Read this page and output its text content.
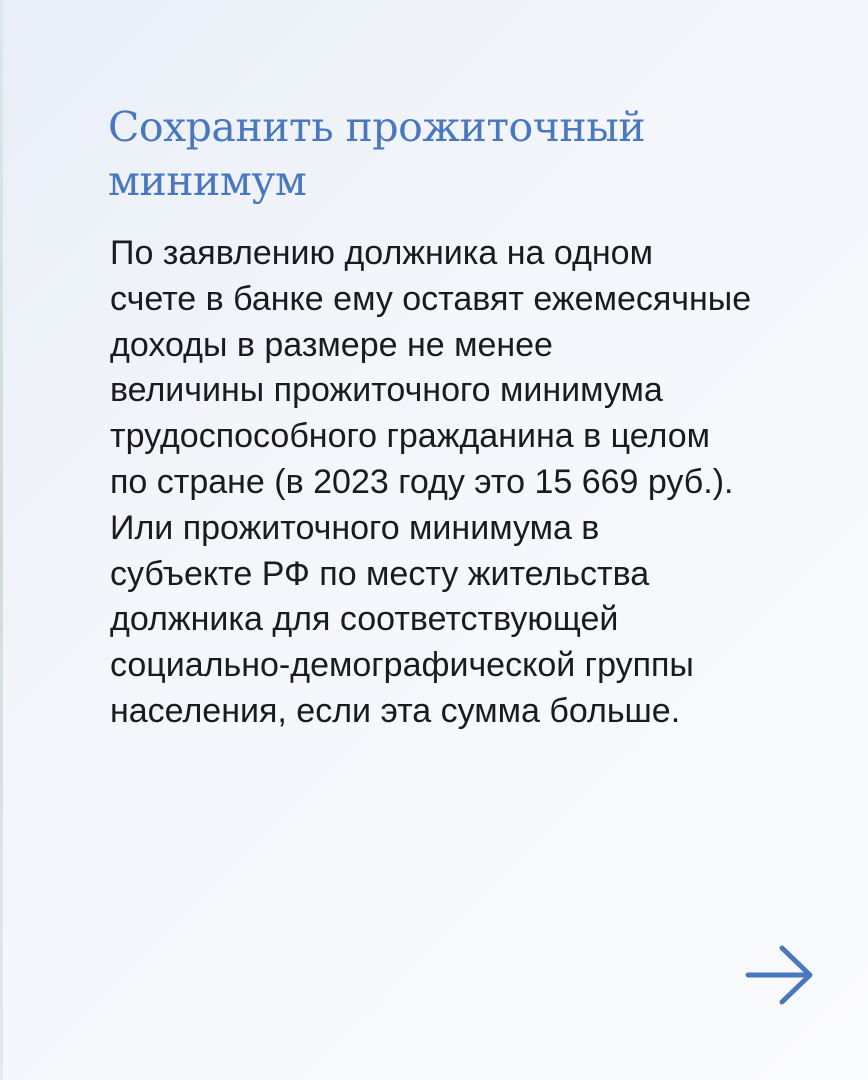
Сохранить прожиточный
минимум

По заявлению должника на одном
счете в банке ему оставят ежемесячные
доходы в размере не менее
величины прожиточного минимума
трудоспособного гражданина в целом
по стране (в 2023 году это 15 669 руб.).
Или прожиточного минимума в
субъекте РФ по месту жительства
должника для соответствующей
социально-демографической группы
населения, если эта сумма больше.
